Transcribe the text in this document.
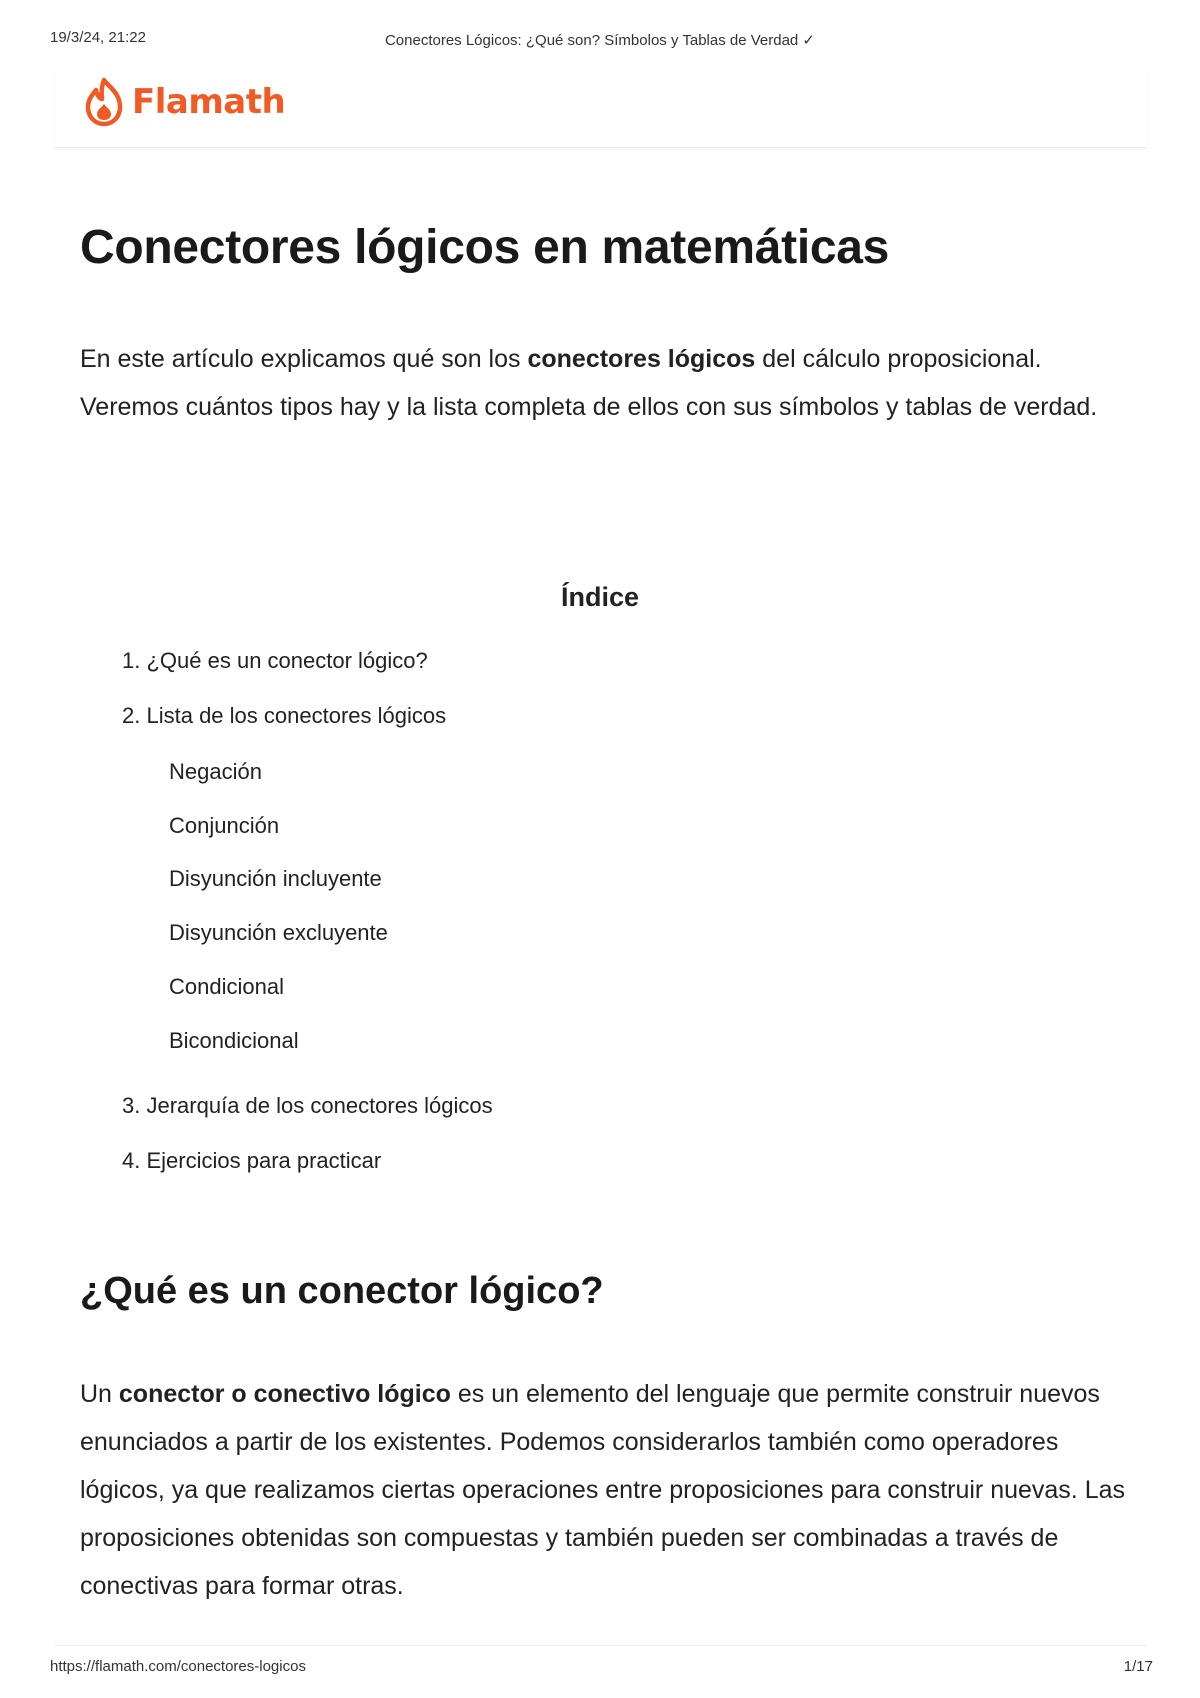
19/3/24, 21:22	Conectores Lógicos: ¿Qué son? Símbolos y Tablas de Verdad ✓
Flamath
Conectores lógicos en matemáticas

En este artículo explicamos qué son los conectores lógicos del cálculo proposicional. Veremos cuántos tipos hay y la lista completa de ellos con sus símbolos y tablas de verdad.

Índice
1. ¿Qué es un conector lógico?
2. Lista de los conectores lógicos
Negación
Conjunción
Disyunción incluyente
Disyunción excluyente
Condicional
Bicondicional
3. Jerarquía de los conectores lógicos
4. Ejercicios para practicar
¿Qué es un conector lógico?

Un conector o conectivo lógico es un elemento del lenguaje que permite construir nuevos enunciados a partir de los existentes. Podemos considerarlos también como operadores lógicos, ya que realizamos ciertas operaciones entre proposiciones para construir nuevas. Las proposiciones obtenidas son compuestas y también pueden ser combinadas a través de conectivas para formar otras.

https://flamath.com/conectores-logicos	1/17
